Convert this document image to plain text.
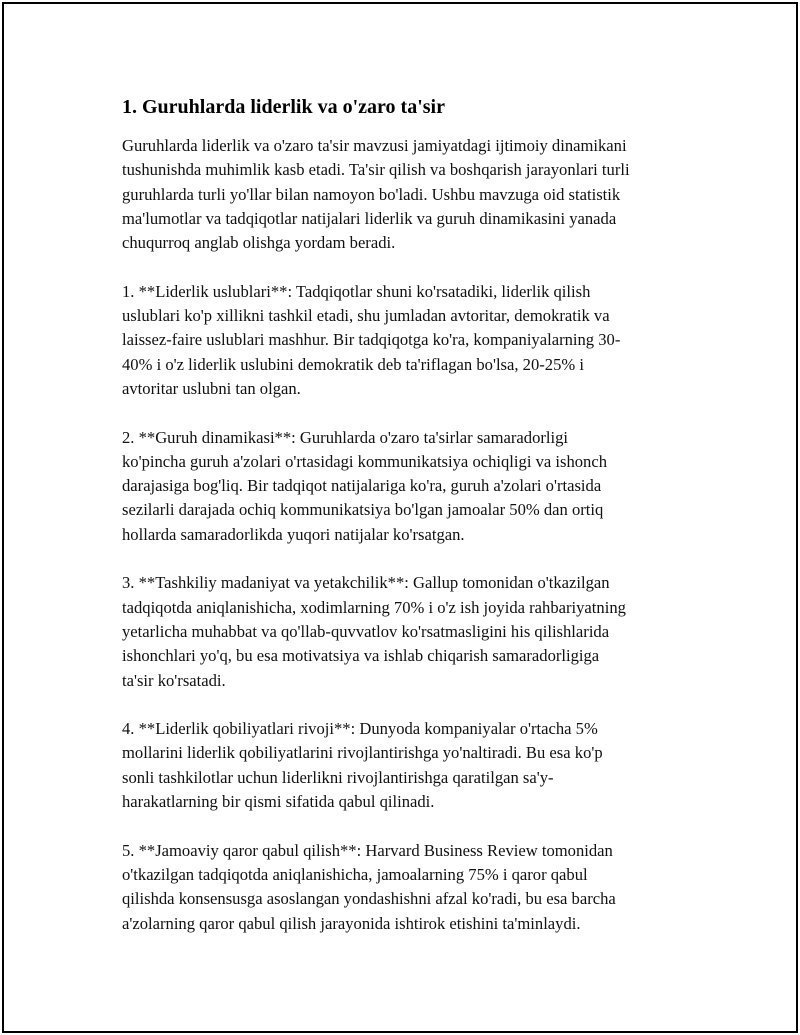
1. Guruhlarda liderlik va o'zaro ta'sir

Guruhlarda liderlik va o'zaro ta'sir mavzusi jamiyatdagi ijtimoiy dinamikani
tushunishda muhimlik kasb etadi. Ta'sir qilish va boshqarish jarayonlari turli
guruhlarda turli yo'llar bilan namoyon bo'ladi. Ushbu mavzuga oid statistik
ma'lumotlar va tadqiqotlar natijalari liderlik va guruh dinamikasini yanada
chuqurroq anglab olishga yordam beradi.

1. **Liderlik uslublari**: Tadqiqotlar shuni ko'rsatadiki, liderlik qilish
uslublari ko'p xillikni tashkil etadi, shu jumladan avtoritar, demokratik va
laissez-faire uslublari mashhur. Bir tadqiqotga ko'ra, kompaniyalarning 30-
40% i o'z liderlik uslubini demokratik deb ta'riflagan bo'lsa, 20-25% i
avtoritar uslubni tan olgan.

2. **Guruh dinamikasi**: Guruhlarda o'zaro ta'sirlar samaradorligi
ko'pincha guruh a'zolari o'rtasidagi kommunikatsiya ochiqligi va ishonch
darajasiga bog'liq. Bir tadqiqot natijalariga ko'ra, guruh a'zolari o'rtasida
sezilarli darajada ochiq kommunikatsiya bo'lgan jamoalar 50% dan ortiq
hollarda samaradorlikda yuqori natijalar ko'rsatgan.

3. **Tashkiliy madaniyat va yetakchilik**: Gallup tomonidan o'tkazilgan
tadqiqotda aniqlanishicha, xodimlarning 70% i o'z ish joyida rahbariyatning
yetarlicha muhabbat va qo'llab-quvvatlov ko'rsatmasligini his qilishlarida
ishonchlari yo'q, bu esa motivatsiya va ishlab chiqarish samaradorligiga
ta'sir ko'rsatadi.

4. **Liderlik qobiliyatlari rivoji**: Dunyoda kompaniyalar o'rtacha 5%
mollarini liderlik qobiliyatlarini rivojlantirishga yo'naltiradi. Bu esa ko'p
sonli tashkilotlar uchun liderlikni rivojlantirishga qaratilgan sa'y-
harakatlarning bir qismi sifatida qabul qilinadi.

5. **Jamoaviy qaror qabul qilish**: Harvard Business Review tomonidan
o'tkazilgan tadqiqotda aniqlanishicha, jamoalarning 75% i qaror qabul
qilishda konsensusga asoslangan yondashishni afzal ko'radi, bu esa barcha
a'zolarning qaror qabul qilish jarayonida ishtirok etishini ta'minlaydi.
